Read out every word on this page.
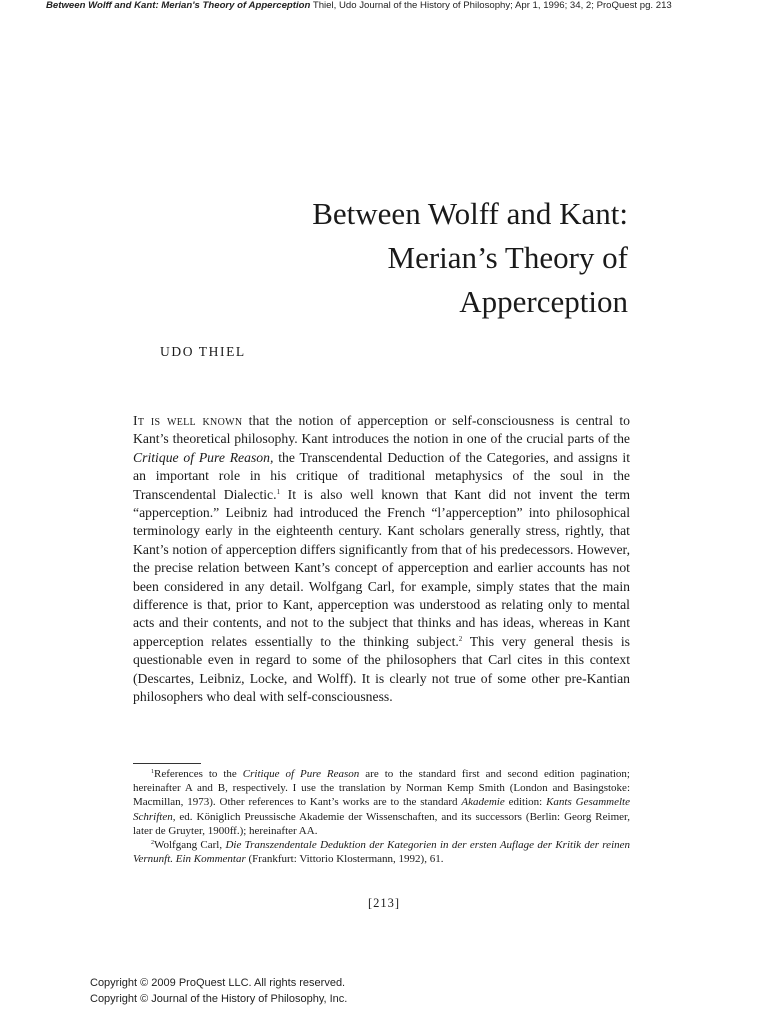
Between Wolff and Kant: Merian's Theory of Apperception Thiel, Udo Journal of the History of Philosophy; Apr 1, 1996; 34, 2; ProQuest pg. 213
Between Wolff and Kant:
Merian’s Theory of
Apperception
UDO THIEL

It is well known that the notion of apperception or self-consciousness is central to Kant’s theoretical philosophy. Kant introduces the notion in one of the crucial parts of the Critique of Pure Reason, the Transcendental Deduction of the Categories, and assigns it an important role in his critique of traditional metaphysics of the soul in the Transcendental Dialectic.$^1$ It is also well known that Kant did not invent the term “apperception.” Leibniz had introduced the French “l’apperception” into philosophical terminology early in the eighteenth century. Kant scholars generally stress, rightly, that Kant’s notion of apperception differs significantly from that of his predecessors. However, the precise relation between Kant’s concept of apperception and earlier accounts has not been considered in any detail. Wolfgang Carl, for example, simply states that the main difference is that, prior to Kant, apperception was understood as relating only to mental acts and their contents, and not to the subject that thinks and has ideas, whereas in Kant apperception relates essentially to the thinking subject.$^2$ This very general thesis is questionable even in regard to some of the philosophers that Carl cites in this context (Descartes, Leibniz, Locke, and Wolff). It is clearly not true of some other pre-Kantian philosophers who deal with self-consciousness.

$^1$References to the Critique of Pure Reason are to the standard first and second edition pagination; hereinafter A and B, respectively. I use the translation by Norman Kemp Smith (London and Basingstoke: Macmillan, 1973). Other references to Kant’s works are to the standard Akademie edition: Kants Gesammelte Schriften, ed. Königlich Preussische Akademie der Wissenschaften, and its successors (Berlin: Georg Reimer, later de Gruyter, 1900ff.); hereinafter AA.

$^2$Wolfgang Carl, Die Transzendentale Deduktion der Kategorien in der ersten Auflage der Kritik der reinen Vernunft. Ein Kommentar (Frankfurt: Vittorio Klostermann, 1992), 61.

[213]
Copyright © 2009 ProQuest LLC. All rights reserved.
Copyright © Journal of the History of Philosophy, Inc.
